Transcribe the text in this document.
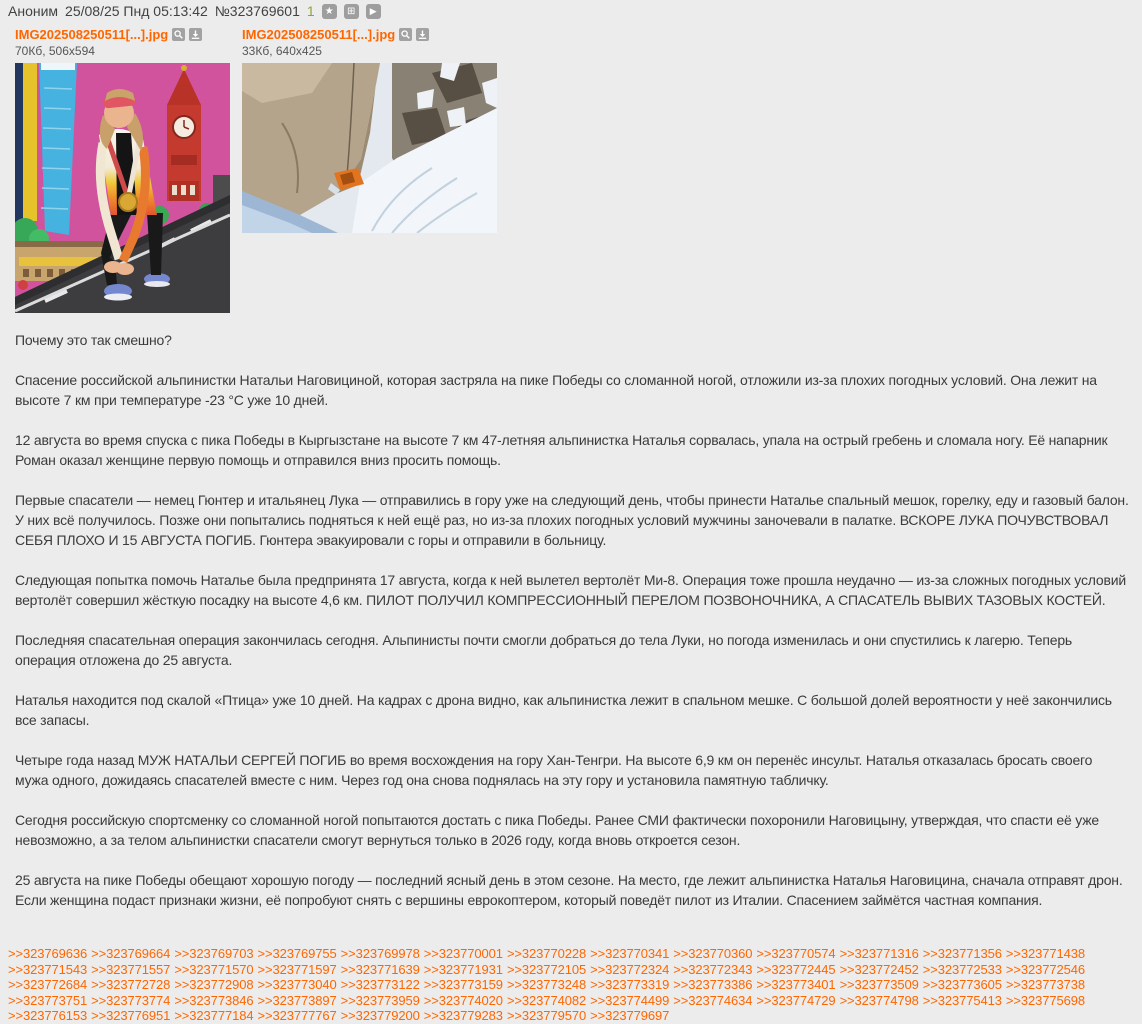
Аноним 25/08/25 Пнд 05:13:42 №323769601 1	★	⊞	▶
IMG202508250511[...].jpg
70Кб, 506x594
IMG202508250511[...].jpg
33Кб, 640x425

Почему это так смешно?

Спасение российской альпинистки Натальи Наговициной, которая застряла на пике Победы со сломанной ногой, отложили из-за плохих погодных условий. Она лежит на высоте 7 км при температуре -23 °C уже 10 дней.

12 августа во время спуска с пика Победы в Кыргызстане на высоте 7 км 47-летняя альпинистка Наталья сорвалась, упала на острый гребень и сломала ногу. Её напарник Роман оказал женщине первую помощь и отправился вниз просить помощь.

Первые спасатели — немец Гюнтер и итальянец Лука — отправились в гору уже на следующий день, чтобы принести Наталье спальный мешок, горелку, еду и газовый балон. У них всё получилось. Позже они попытались подняться к ней ещё раз, но из-за плохих погодных условий мужчины заночевали в палатке. ВСКОРЕ ЛУКА ПОЧУВСТВОВАЛ СЕБЯ ПЛОХО И 15 АВГУСТА ПОГИБ. Гюнтера эвакуировали с горы и отправили в больницу.

Следующая попытка помочь Наталье была предпринята 17 августа, когда к ней вылетел вертолёт Ми-8. Операция тоже прошла неудачно — из-за сложных погодных условий вертолёт совершил жёсткую посадку на высоте 4,6 км. ПИЛОТ ПОЛУЧИЛ КОМПРЕССИОННЫЙ ПЕРЕЛОМ ПОЗВОНОЧНИКА, А СПАСАТЕЛЬ ВЫВИХ ТАЗОВЫХ КОСТЕЙ.

Последняя спасательная операция закончилась сегодня. Альпинисты почти смогли добраться до тела Луки, но погода изменилась и они спустились к лагерю. Теперь операция отложена до 25 августа.

Наталья находится под скалой «Птица» уже 10 дней. На кадрах с дрона видно, как альпинистка лежит в спальном мешке. С большой долей вероятности у неё закончились все запасы.

Четыре года назад МУЖ НАТАЛЬИ СЕРГЕЙ ПОГИБ во время восхождения на гору Хан-Тенгри. На высоте 6,9 км он перенёс инсульт. Наталья отказалась бросать своего мужа одного, дожидаясь спасателей вместе с ним. Через год она снова поднялась на эту гору и установила памятную табличку.

Сегодня российскую спортсменку со сломанной ногой попытаются достать с пика Победы. Ранее СМИ фактически похоронили Наговицыну, утверждая, что спасти её уже невозможно, а за телом альпинистки спасатели смогут вернуться только в 2026 году, когда вновь откроется сезон.

25 августа на пике Победы обещают хорошую погоду — последний ясный день в этом сезоне. На место, где лежит альпинистка Наталья Наговицина, сначала отправят дрон. Если женщина подаст признаки жизни, её попробуют снять с вершины еврокоптером, который поведёт пилот из Италии. Спасением займётся частная компания.

>>323769636 >>323769664 >>323769703 >>323769755 >>323769978 >>323770001 >>323770228 >>323770341 >>323770360 >>323770574 >>323771316 >>323771356 >>323771438>>323771543 >>323771557 >>323771570 >>323771597 >>323771639 >>323771931 >>323772105 >>323772324 >>323772343 >>323772445 >>323772452 >>323772533 >>323772546>>323772684 >>323772728 >>323772908 >>323773040 >>323773122 >>323773159 >>323773248 >>323773319 >>323773386 >>323773401 >>323773509 >>323773605 >>323773738>>323773751 >>323773774 >>323773846 >>323773897 >>323773959 >>323774020 >>323774082 >>323774499 >>323774634 >>323774729 >>323774798 >>323775413 >>323775698>>323776153 >>323776951 >>323777184 >>323777767 >>323779200 >>323779283 >>323779570 >>323779697
